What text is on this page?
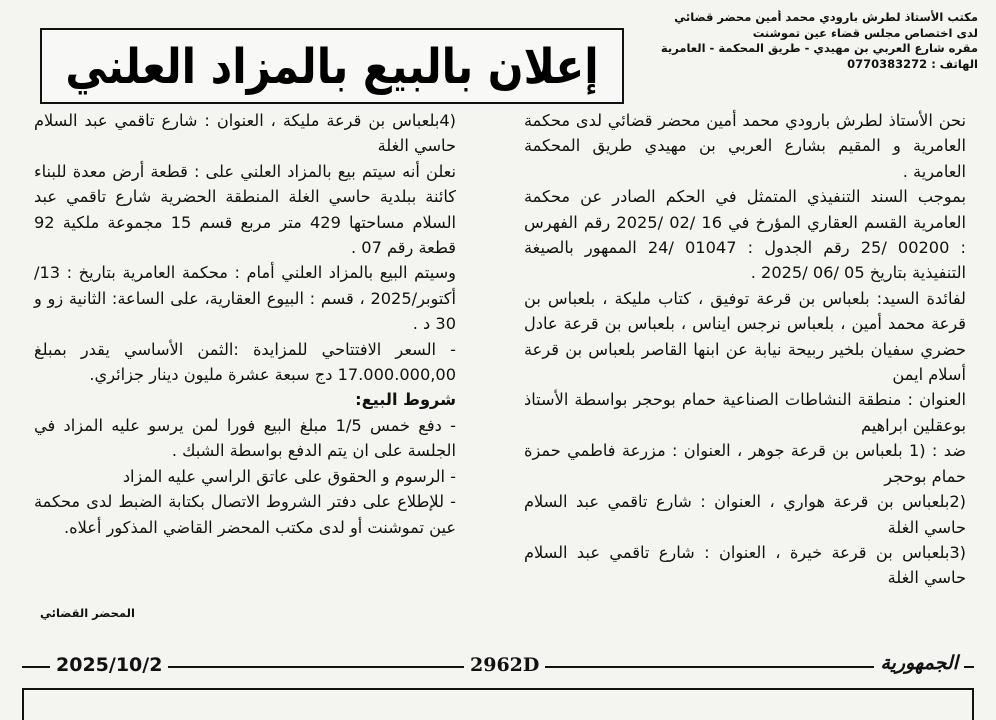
مكتب الأستاذ لطرش بارودي محمد أمين محضر قضائي
لدى اختصاص مجلس قضاء عين تموشنت
مقره شارع العربي بن مهيدي - طريق المحكمة - العامرية
الهاتف : 0770383272
إعلان بالبيع بالمزاد العلني

نحن الأستاذ لطرش بارودي محمد أمين محضر قضائي لدى محكمة العامرية و المقيم بشارع العربي بن مهيدي طريق المحكمة العامرية .

بموجب السند التنفيذي المتمثل في الحكم الصادر عن محكمة العامرية القسم العقاري المؤرخ في 16 /02 /2025 رقم الفهرس : 00200 /25 رقم الجدول : 01047 /24 الممهور بالصيغة التنفيذية بتاريخ 05 /06 /2025 .

لفائدة السيد: بلعباس بن قرعة توفيق ، كتاب مليكة ، بلعباس بن قرعة محمد أمين ، بلعباس نرجس ايناس ، بلعباس بن قرعة عادل حضري سفيان بلخير ربيحة نيابة عن ابنها القاصر بلعباس بن قرعة أسلام ايمن

العنوان : منطقة النشاطات الصناعية حمام بوحجر بواسطة الأستاذ بوعقلين ابراهيم

ضد : (1 بلعباس بن قرعة جوهر ، العنوان : مزرعة فاطمي حمزة حمام بوحجر

(2بلعباس بن قرعة هواري ، العنوان : شارع تاقمي عبد السلام حاسي الغلة

(3بلعباس بن قرعة خيرة ، العنوان : شارع تاقمي عبد السلام حاسي الغلة

(4بلعباس بن قرعة مليكة ، العنوان : شارع تاقمي عبد السلام حاسي الغلة

نعلن أنه سيتم بيع بالمزاد العلني على : قطعة أرض معدة للبناء كائنة ببلدية حاسي الغلة المنطقة الحضرية شارع تاقمي عبد السلام مساحتها 429 متر مربع قسم 15 مجموعة ملكية 92 قطعة رقم 07 .

وسيتم البيع بالمزاد العلني أمام : محكمة العامرية بتاريخ : 13/أكتوبر/2025 ، قسم : البيوع العقارية، على الساعة: الثانية زو و 30 د .

- السعر الافتتاحي للمزايدة :الثمن الأساسي يقدر بمبلغ 17.000.000,00 دج سبعة عشرة مليون دينار جزائري.

شروط البيع:

- دفع خمس 1/5 مبلغ البيع فورا لمن يرسو عليه المزاد في الجلسة على ان يتم الدفع بواسطة الشبك .

- الرسوم و الحقوق على عاتق الراسي عليه المزاد

- للإطلاع على دفتر الشروط الاتصال بكتابة الضبط لدى محكمة عين تموشنت أو لدى مكتب المحضر القاضي المذكور أعلاه.

المحضر القضائي
2025/10/2	2962D	الجمهورية
